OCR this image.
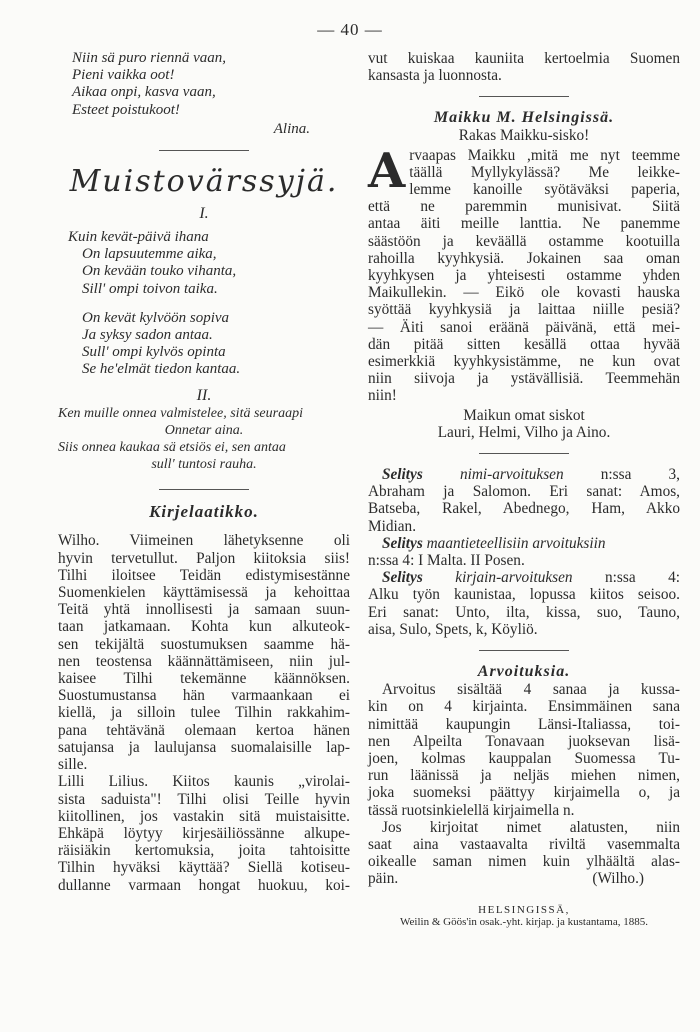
— 40 —
Niin sä puro riennä vaan,
Pieni vaikka oot!
Aikaa onpi, kasva vaan,
Esteet poistukoot!
Alina.
Muistovärssyjä.
I.
Kuin kevät-päivä ihana
On lapsuutemme aika,
On kevään touko vihanta,
Sill' ompi toivon taika.
On kevät kylvöön sopiva
Ja syksy sadon antaa.
Sull' ompi kylvös opinta
Se he'elmät tiedon kantaa.
II.
Ken muille onnea valmistelee, sitä seuraapi
Onnetar aina.
Siis onnea kaukaa sä etsiös ei, sen antaa
sull' tuntosi rauha.
Kirjelaatikko.
Wilho. Viimeinen lähetyksenne oli
hyvin tervetullut. Paljon kiitoksia siis!
Tilhi iloitsee Teidän edistymisestänne
Suomenkielen käyttämisessä ja kehoittaa
Teitä yhtä innollisesti ja samaan suun-
taan jatkamaan. Kohta kun alkuteok-
sen tekijältä suostumuksen saamme hä-
nen teostensa käännättämiseen, niin jul-
kaisee Tilhi tekemänne käännöksen.
Suostumustansa hän varmaankaan ei
kiellä, ja silloin tulee Tilhin rakkahim-
pana tehtävänä olemaan kertoa hänen
satujansa ja laulujansa suomalaisille lap-
sille.
Lilli Lilius. Kiitos kaunis „virolai-
sista saduista"! Tilhi olisi Teille hyvin
kiitollinen, jos vastakin sitä muistaisitte.
Ehkäpä löytyy kirjesäiliössänne alkupe-
räisiäkin kertomuksia, joita tahtoisitte
Tilhin hyväksi käyttää? Siellä kotiseu-
dullanne varmaan hongat huokuu, koi-
vut kuiskaa kauniita kertoelmia Suomen
kansasta ja luonnosta.
Maikku M. Helsingissä.
Rakas Maikku-sisko!
A rvaapas Maikku ,mitä me nyt teemme
täällä Myllykylässä? Me leikke-
lemme kanoille syötäväksi paperia,
että ne paremmin munisivat. Siitä
antaa äiti meille lanttia. Ne panemme
säästöön ja keväällä ostamme kootuilla
rahoilla kyyhkysiä. Jokainen saa oman
kyyhkysen ja yhteisesti ostamme yhden
Maikullekin. — Eikö ole kovasti hauska
syöttää kyyhkysiä ja laittaa niille pesiä?
— Äiti sanoi eräänä päivänä, että mei-
dän pitää sitten kesällä ottaa hyvää
esimerkkiä kyyhkysistämme, ne kun ovat
niin siivoja ja ystävällisiä. Teemmehän
niin!
Maikun omat siskot
Lauri, Helmi, Vilho ja Aino.
Selitys nimi-arvoituksen n:ssa 3,
Abraham ja Salomon. Eri sanat: Amos,
Batseba, Rakel, Abednego, Ham, Akko
Midian.
Selitys maantieteellisiin arvoituksiin
n:ssa 4: I Malta. II Posen.
Selitys kirjain-arvoituksen n:ssa 4:
Alku työn kaunistaa, lopussa kiitos seisoo.
Eri sanat: Unto, ilta, kissa, suo, Tauno,
aisa, Sulo, Spets, k, Köyliö.
Arvoituksia.
Arvoitus sisältää 4 sanaa ja kussa-
kin on 4 kirjainta. Ensimmäinen sana
nimittää kaupungin Länsi-Italiassa, toi-
nen Alpeilta Tonavaan juoksevan lisä-
joen, kolmas kauppalan Suomessa Tu-
run läänissä ja neljäs miehen nimen,
joka suomeksi päättyy kirjaimella o, ja
tässä ruotsinkielellä kirjaimella n.
Jos kirjoitat nimet alatusten, niin
saat aina vastaavalta riviltä vasemmalta
oikealle saman nimen kuin ylhäältä alas-
päin.	(Wilho.)
HELSINGISSÄ,
Weilin & Göös'in osak.-yht. kirjap. ja kustantama, 1885.
